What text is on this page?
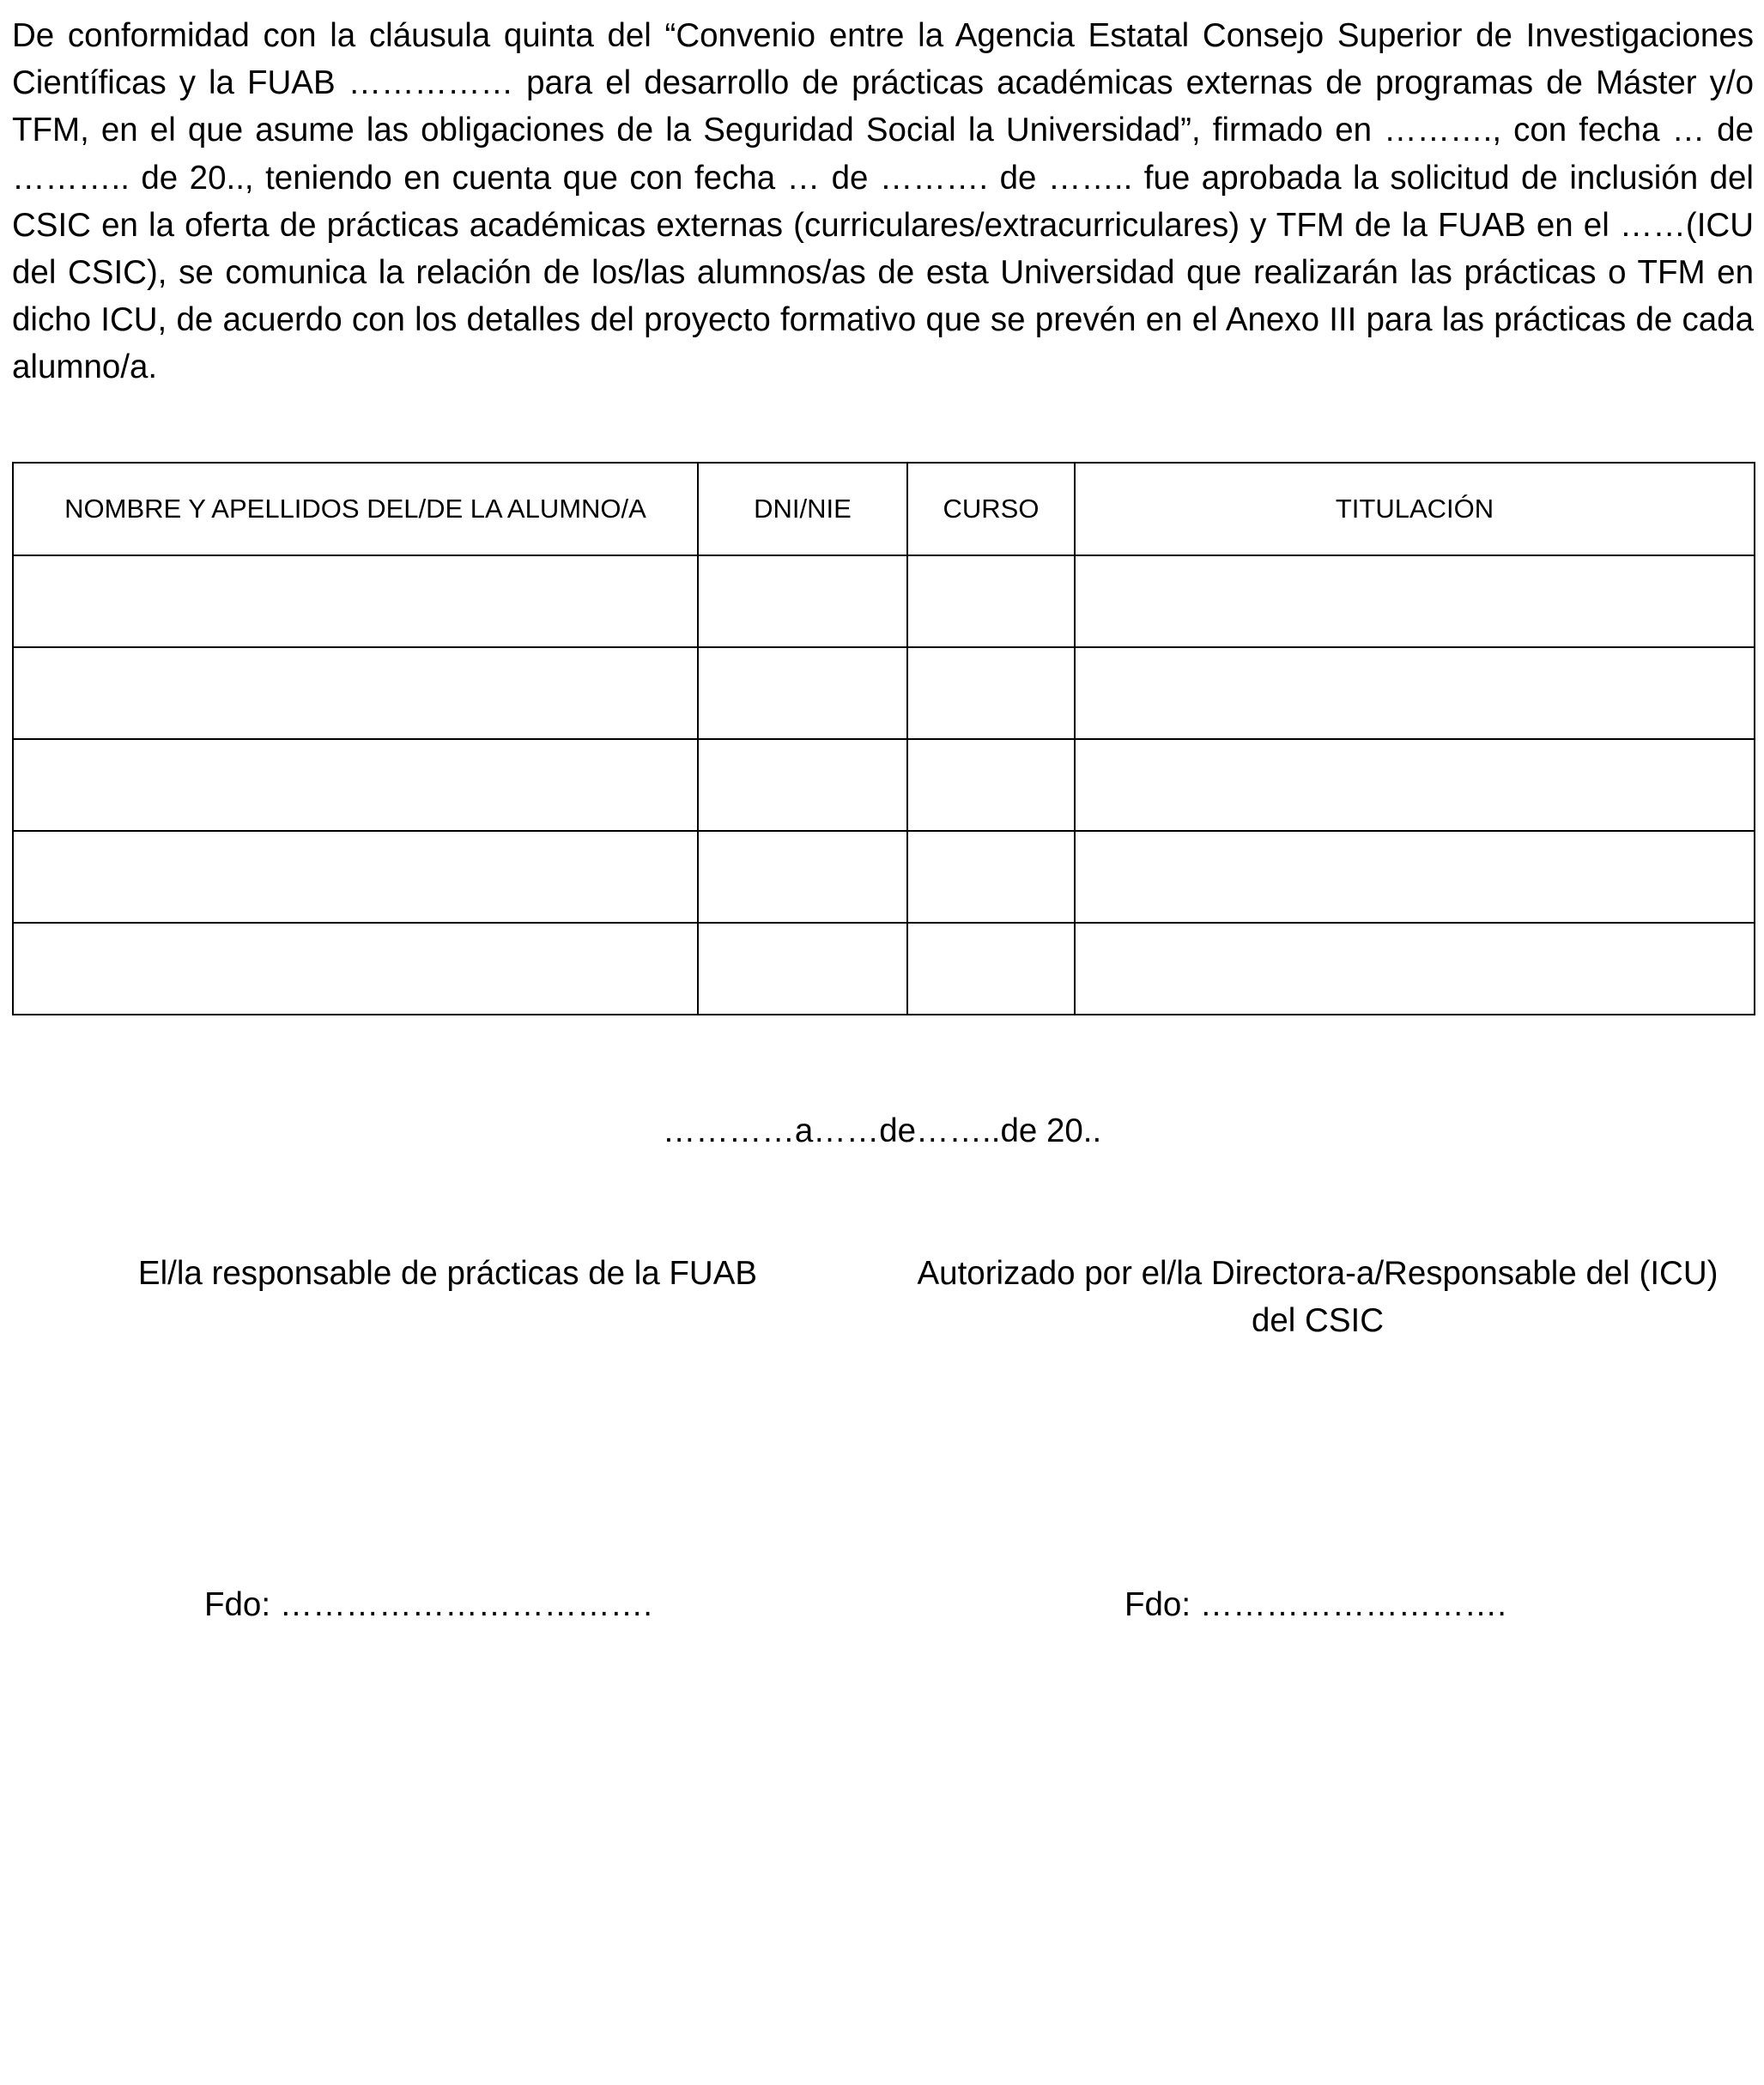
De conformidad con la cláusula quinta del “Convenio entre la Agencia Estatal Consejo Superior de Investigaciones Científicas y la FUAB …………… para el desarrollo de prácticas académicas externas de programas de Máster y/o TFM, en el que asume las obligaciones de la Seguridad Social la Universidad”, firmado en ………., con fecha … de ……….. de 20.., teniendo en cuenta que con fecha … de ………. de …….. fue aprobada la solicitud de inclusión del CSIC en la oferta de prácticas académicas externas (curriculares/extracurriculares) y TFM de la FUAB en el ……(ICU del CSIC), se comunica la relación de los/las alumnos/as de esta Universidad que realizarán las prácticas o TFM en dicho ICU, de acuerdo con los detalles del proyecto formativo que se prevén en el Anexo III para las prácticas de cada alumno/a.

NOMBRE Y APELLIDOS DEL/DE LA ALUMNO/A	DNI/NIE	CURSO	TITULACIÓN

…………a……de……..de 20..

El/la responsable de prácticas de la FUAB	Autorizado por el/la Directora-a/Responsable del (ICU) del CSIC

Fdo: …………………………….	Fdo: ……………………….
